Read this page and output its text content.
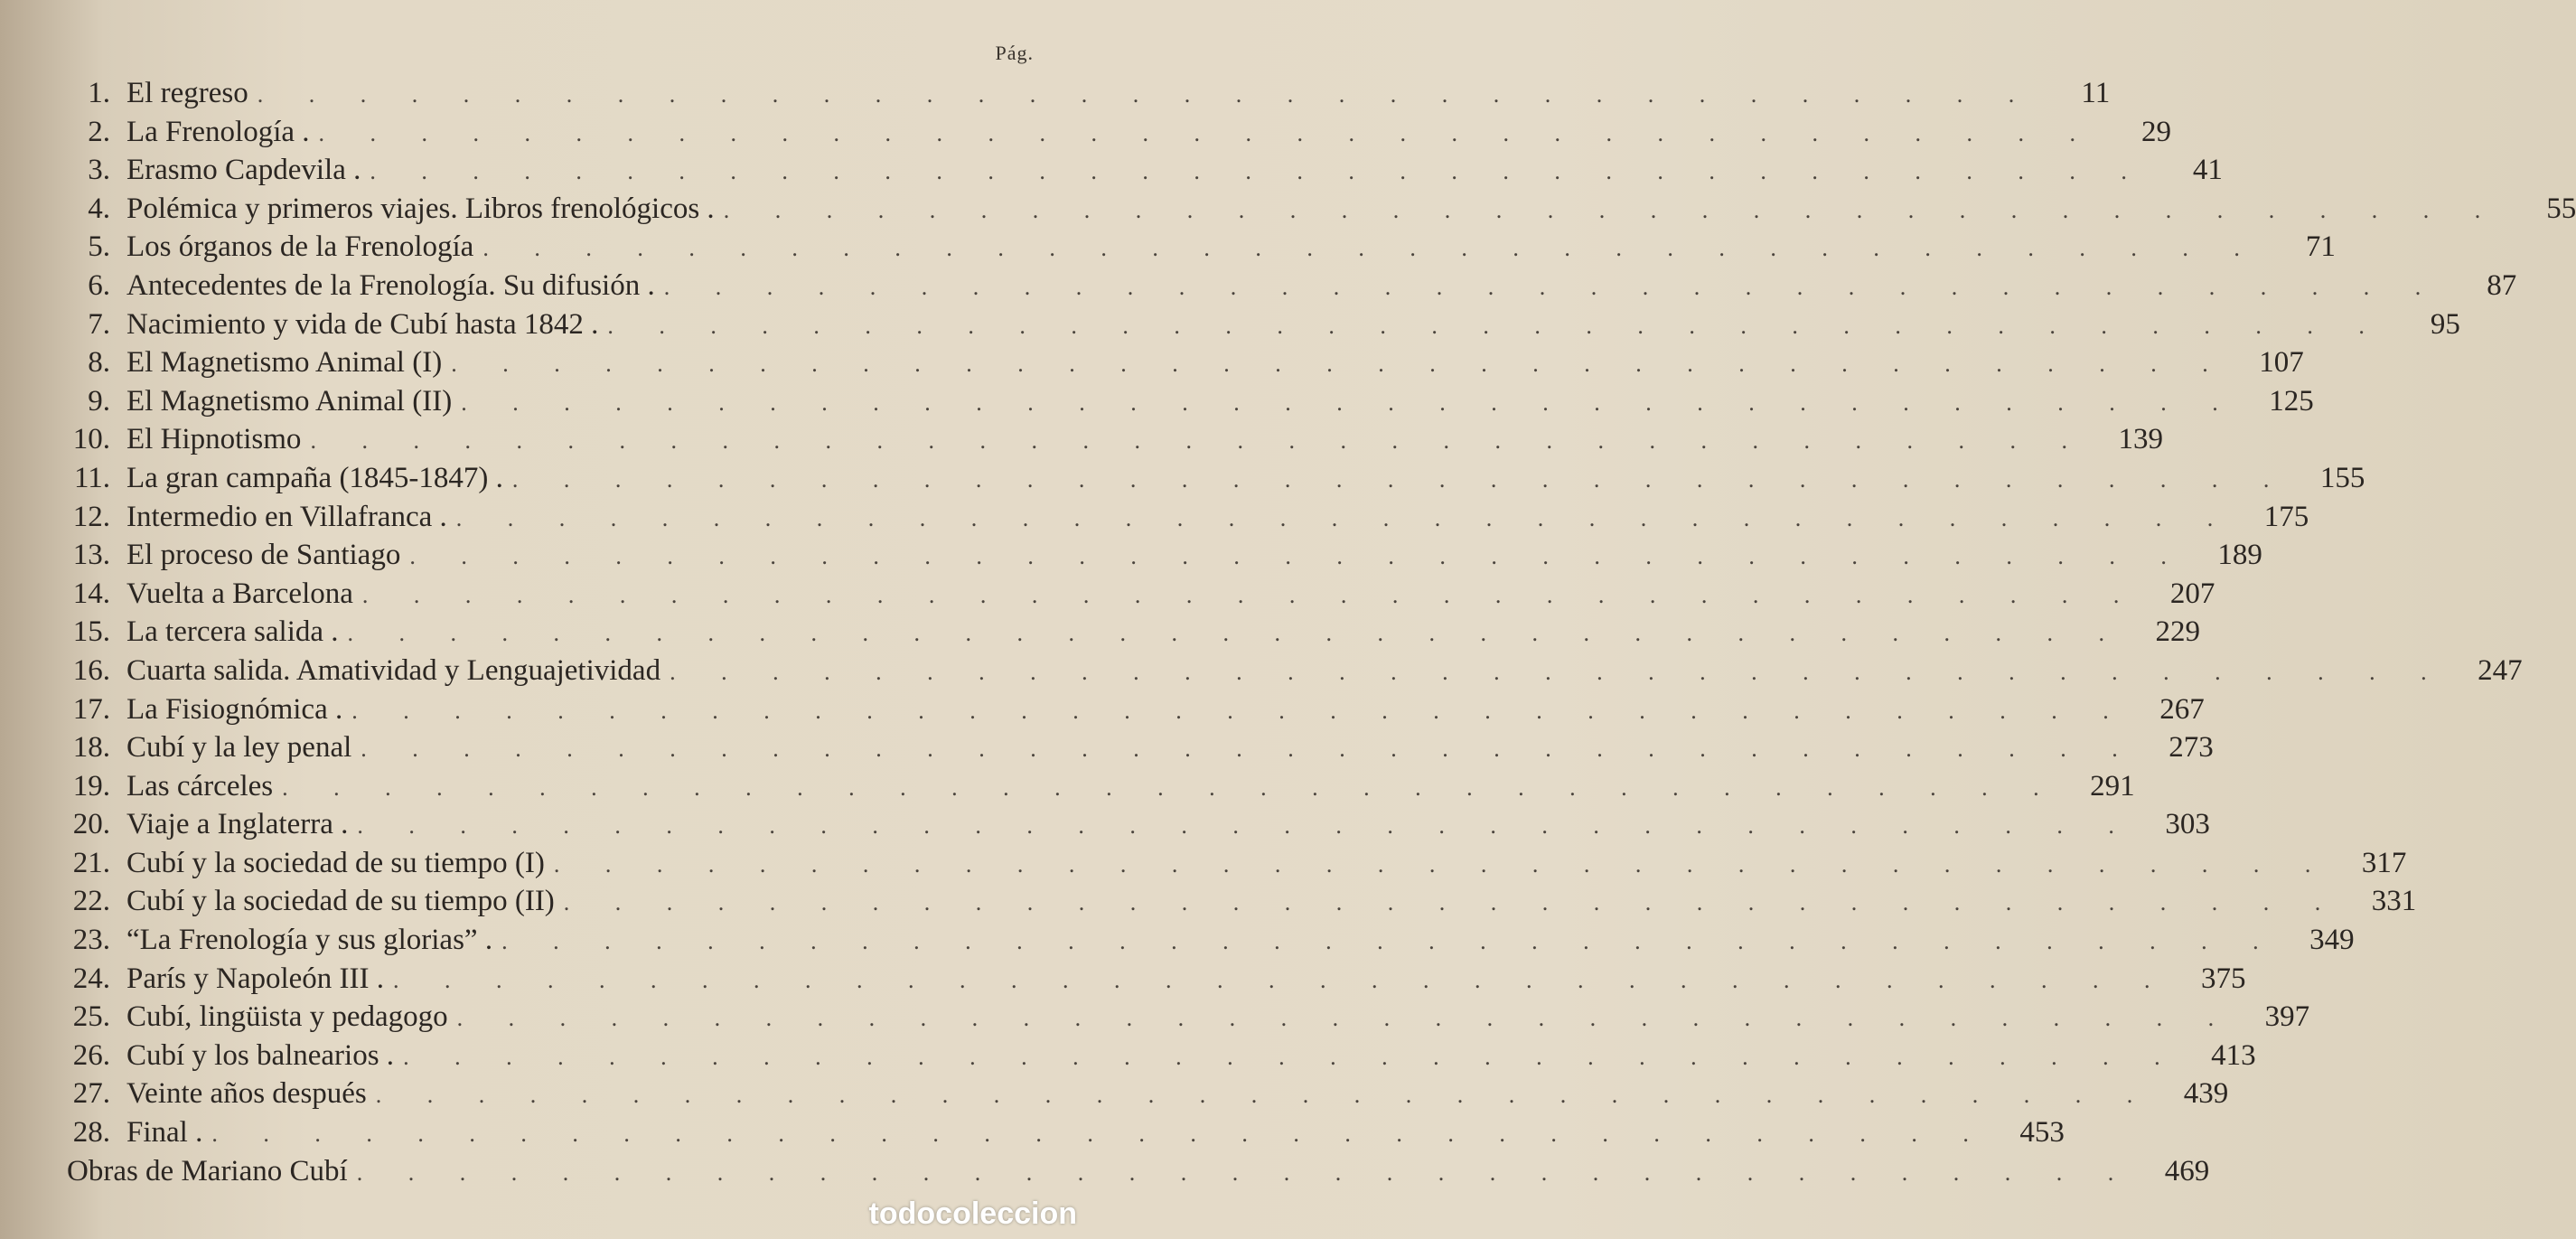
Pág.
1. El regreso . . . . . . . . . . . . . . . . . . . . . . . . . . . . . . . . . . .	11
2. La Frenología . . . . . . . . . . . . . . . . . . . . . . . . . . . . . . . . . . . .	29
3. Erasmo Capdevila . . . . . . . . . . . . . . . . . . . . . . . . . . . . . . . . . . . .	41
4. Polémica y primeros viajes. Libros frenológicos . . . . . . . . . . . . . . . . . . . . . . . . . . . . . . . . . . . .	55
5. Los órganos de la Frenología . . . . . . . . . . . . . . . . . . . . . . . . . . . . . . . . . . .	71
6. Antecedentes de la Frenología. Su difusión . . . . . . . . . . . . . . . . . . . . . . . . . . . . . . . . . . . .	87
7. Nacimiento y vida de Cubí hasta 1842 . . . . . . . . . . . . . . . . . . . . . . . . . . . . . . . . . . . .	95
8. El Magnetismo Animal (I) . . . . . . . . . . . . . . . . . . . . . . . . . . . . . . . . . . .	107
9. El Magnetismo Animal (II) . . . . . . . . . . . . . . . . . . . . . . . . . . . . . . . . . . .	125
10. El Hipnotismo . . . . . . . . . . . . . . . . . . . . . . . . . . . . . . . . . . .	139
11. La gran campaña (1845-1847) . . . . . . . . . . . . . . . . . . . . . . . . . . . . . . . . . . . .	155
12. Intermedio en Villafranca . . . . . . . . . . . . . . . . . . . . . . . . . . . . . . . . . . . .	175
13. El proceso de Santiago . . . . . . . . . . . . . . . . . . . . . . . . . . . . . . . . . . .	189
14. Vuelta a Barcelona . . . . . . . . . . . . . . . . . . . . . . . . . . . . . . . . . . .	207
15. La tercera salida . . . . . . . . . . . . . . . . . . . . . . . . . . . . . . . . . . . .	229
16. Cuarta salida. Amatividad y Lenguajetividad . . . . . . . . . . . . . . . . . . . . . . . . . . . . . . . . . . .	247
17. La Fisiognómica . . . . . . . . . . . . . . . . . . . . . . . . . . . . . . . . . . . .	267
18. Cubí y la ley penal . . . . . . . . . . . . . . . . . . . . . . . . . . . . . . . . . . .	273
19. Las cárceles . . . . . . . . . . . . . . . . . . . . . . . . . . . . . . . . . . .	291
20. Viaje a Inglaterra . . . . . . . . . . . . . . . . . . . . . . . . . . . . . . . . . . . .	303
21. Cubí y la sociedad de su tiempo (I) . . . . . . . . . . . . . . . . . . . . . . . . . . . . . . . . . . .	317
22. Cubí y la sociedad de su tiempo (II) . . . . . . . . . . . . . . . . . . . . . . . . . . . . . . . . . . .	331
23. “La Frenología y sus glorias” . . . . . . . . . . . . . . . . . . . . . . . . . . . . . . . . . . . .	349
24. París y Napoleón III . . . . . . . . . . . . . . . . . . . . . . . . . . . . . . . . . . . .	375
25. Cubí, lingüista y pedagogo . . . . . . . . . . . . . . . . . . . . . . . . . . . . . . . . . . .	397
26. Cubí y los balnearios . . . . . . . . . . . . . . . . . . . . . . . . . . . . . . . . . . . .	413
27. Veinte años después . . . . . . . . . . . . . . . . . . . . . . . . . . . . . . . . . . .	439
28. Final . . . . . . . . . . . . . . . . . . . . . . . . . . . . . . . . . . . .	453
Obras de Mariano Cubí . . . . . . . . . . . . . . . . . . . . . . . . . . . . . . . . . . .	469
todocoleccion
